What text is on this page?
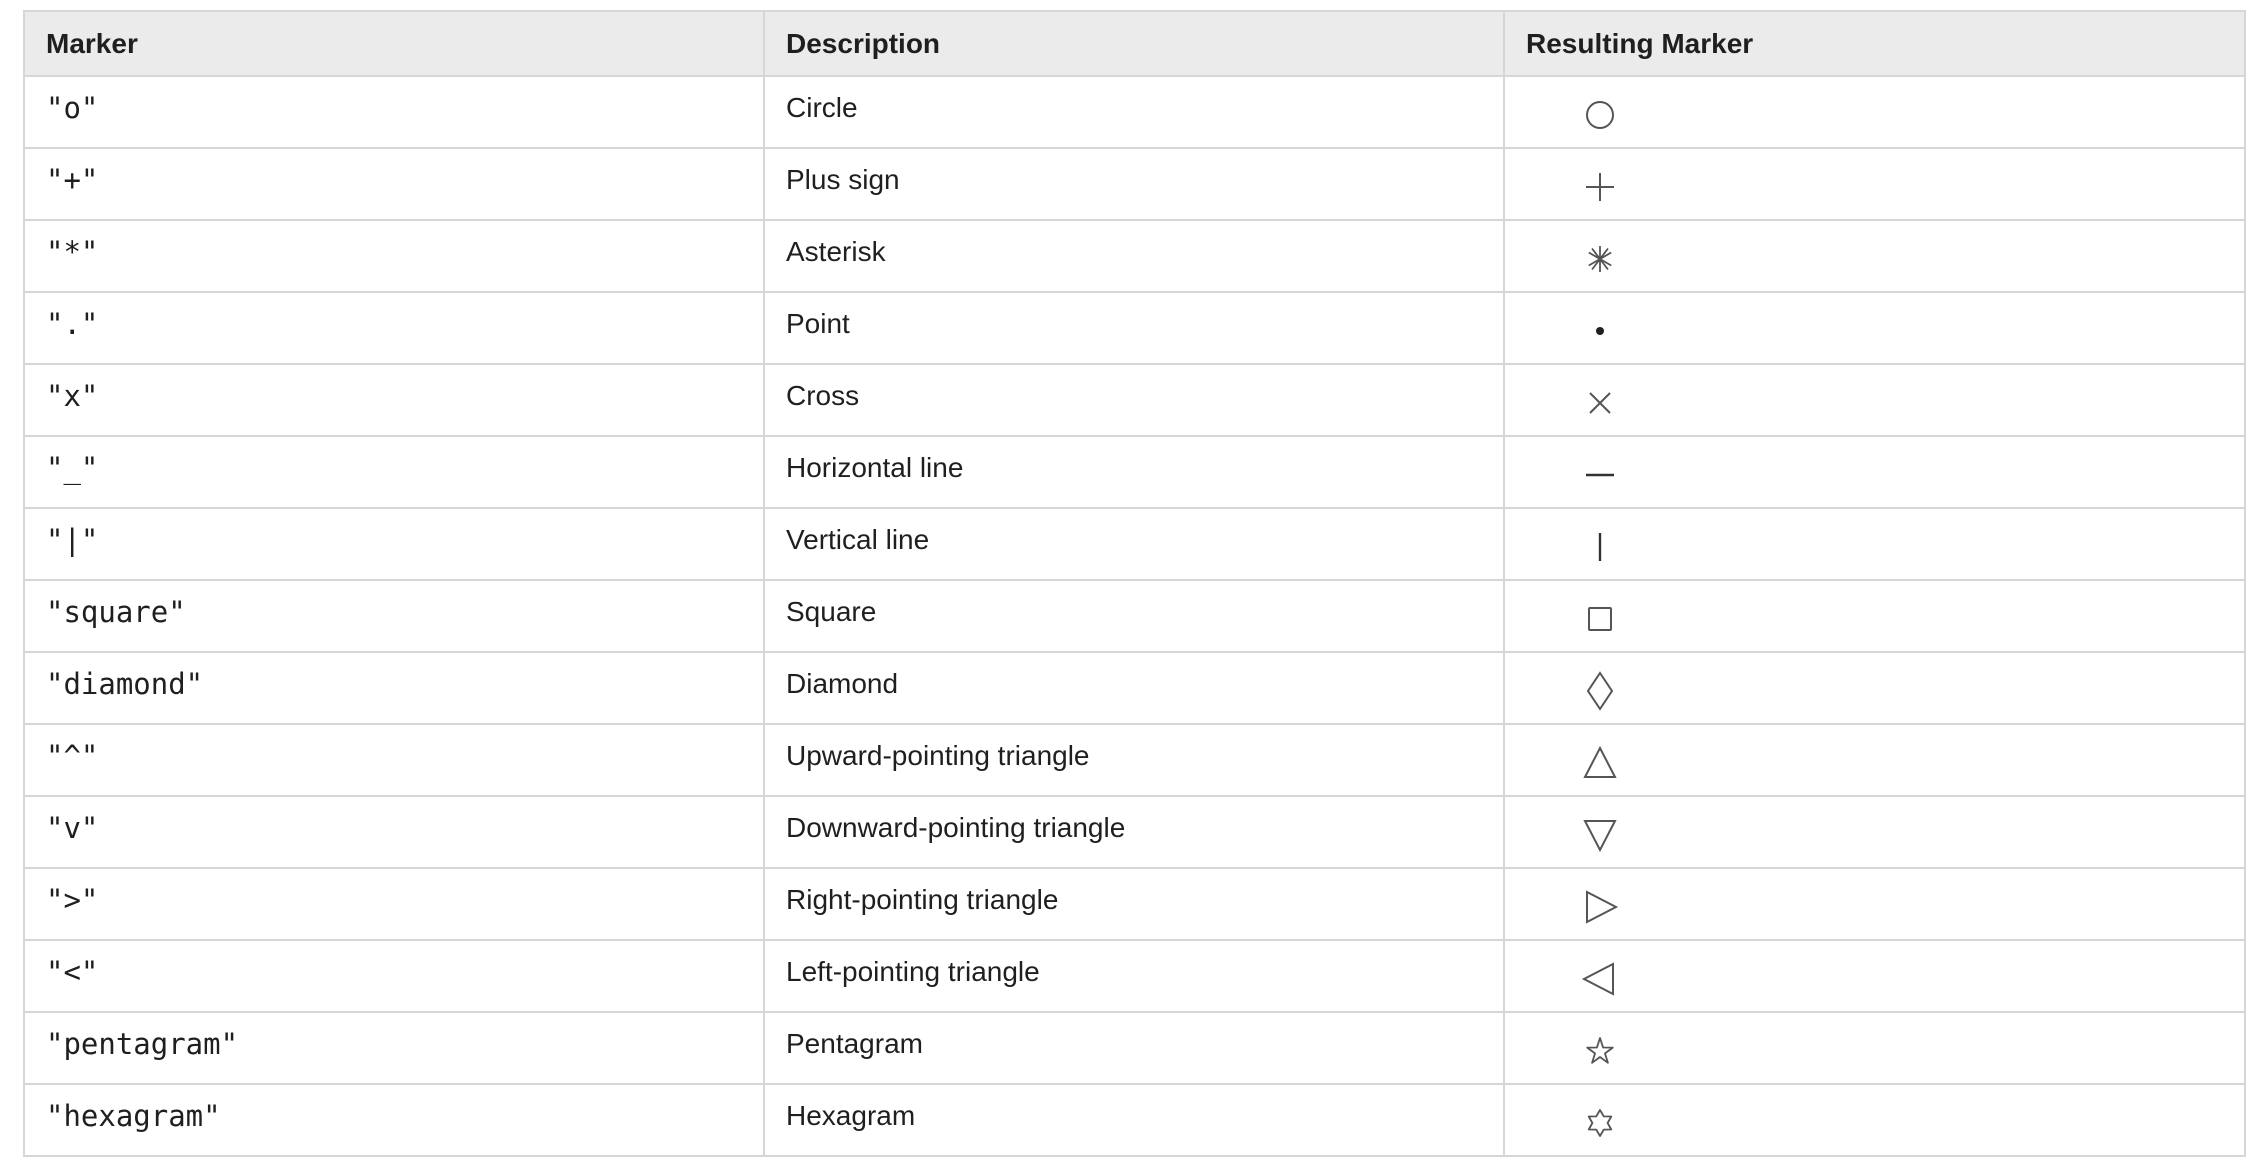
Marker	Description	Resulting Marker
"o"	Circle	

"+"	Plus sign	

"*"	Asterisk	

"."	Point	

"x"	Cross	

"_"	Horizontal line	

"|"	Vertical line	

"square"	Square	

"diamond"	Diamond	

"^"	Upward-pointing triangle	

"v"	Downward-pointing triangle	

">"	Right-pointing triangle	

"<"	Left-pointing triangle	

"pentagram"	Pentagram	

"hexagram"	Hexagram	
